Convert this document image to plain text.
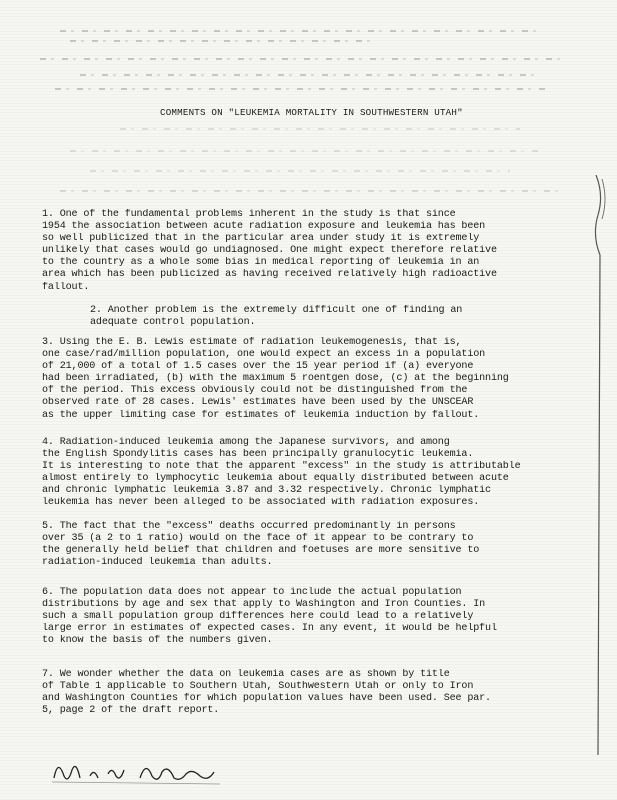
COMMENTS ON "LEUKEMIA MORTALITY IN SOUTHWESTERN UTAH"
1. One of the fundamental problems inherent in the study is that since
1954 the association between acute radiation exposure and leukemia has been
so well publicized that in the particular area under study it is extremely
unlikely that cases would go undiagnosed. One might expect therefore relative
to the country as a whole some bias in medical reporting of leukemia in an
area which has been publicized as having received relatively high radioactive
fallout.
2. Another problem is the extremely difficult one of finding an
adequate control population.
3. Using the E. B. Lewis estimate of radiation leukemogenesis, that is,
one case/rad/million population, one would expect an excess in a population
of 21,000 of a total of 1.5 cases over the 15 year period if (a) everyone
had been irradiated, (b) with the maximum 5 roentgen dose, (c) at the beginning
of the period. This excess obviously could not be distinguished from the
observed rate of 28 cases. Lewis' estimates have been used by the UNSCEAR
as the upper limiting case for estimates of leukemia induction by fallout.
4. Radiation-induced leukemia among the Japanese survivors, and among
the English Spondylitis cases has been principally granulocytic leukemia.
It is interesting to note that the apparent "excess" in the study is attributable
almost entirely to lymphocytic leukemia about equally distributed between acute
and chronic lymphatic leukemia 3.87 and 3.32 respectively. Chronic lymphatic
leukemia has never been alleged to be associated with radiation exposures.
5. The fact that the "excess" deaths occurred predominantly in persons
over 35 (a 2 to 1 ratio) would on the face of it appear to be contrary to
the generally held belief that children and foetuses are more sensitive to
radiation-induced leukemia than adults.
6. The population data does not appear to include the actual population
distributions by age and sex that apply to Washington and Iron Counties. In
such a small population group differences here could lead to a relatively
large error in estimates of expected cases. In any event, it would be helpful
to know the basis of the numbers given.
7. We wonder whether the data on leukemia cases are as shown by title
of Table 1 applicable to Southern Utah, Southwestern Utah or only to Iron
and Washington Counties for which population values have been used. See par.
5, page 2 of the draft report.
